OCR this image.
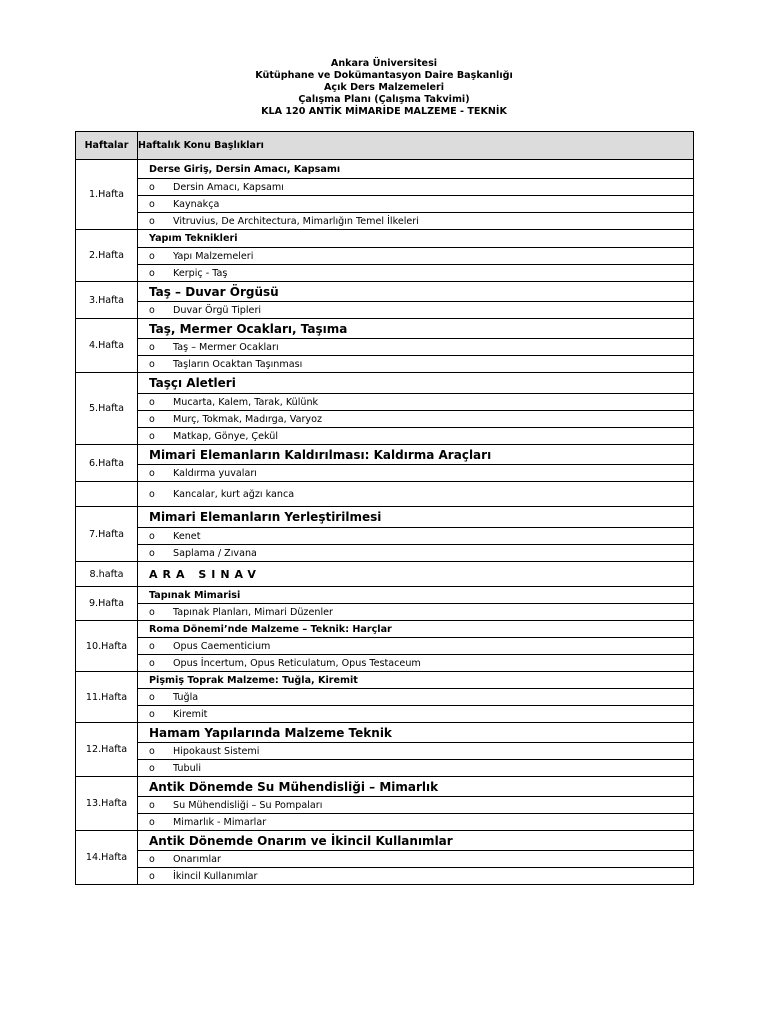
Ankara Üniversitesi
Kütüphane ve Dokümantasyon Daire Başkanlığı
Açık Ders Malzemeleri
Çalışma Planı (Çalışma Takvimi)
KLA 120 ANTİK MİMARİDE MALZEME - TEKNİK
Haftalar	Haftalık Konu Başlıkları
1.Hafta	Derse Giriş, Dersin Amacı, Kapsamı
	o Dersin Amacı, Kapsamı
	o Kaynakça
	o Vitruvius, De Architectura, Mimarlığın Temel İlkeleri
2.Hafta	Yapım Teknikleri
	o Yapı Malzemeleri
	o Kerpiç - Taş
3.Hafta	Taş – Duvar Örgüsü
	o Duvar Örgü Tipleri
4.Hafta	Taş, Mermer Ocakları, Taşıma
	o Taş – Mermer Ocakları
	o Taşların Ocaktan Taşınması
5.Hafta	Taşçı Aletleri
	o Mucarta, Kalem, Tarak, Külünk
	o Murç, Tokmak, Madırga, Varyoz
	o Matkap, Gönye, Çekül
6.Hafta	Mimari Elemanların Kaldırılması: Kaldırma Araçları
	o Kaldırma yuvaları
	o Kancalar, kurt ağzı kanca
7.Hafta	Mimari Elemanların Yerleştirilmesi
	o Kenet
	o Saplama / Zıvana
8.hafta	ARA SINAV
9.Hafta	Tapınak Mimarisi
	o Tapınak Planları, Mimari Düzenler
10.Hafta	Roma Dönemi’nde Malzeme – Teknik: Harçlar
	o Opus Caementicium
	o Opus İncertum, Opus Reticulatum, Opus Testaceum
11.Hafta	Pişmiş Toprak Malzeme: Tuğla, Kiremit
	o Tuğla
	o Kiremit
12.Hafta	Hamam Yapılarında Malzeme Teknik
	o Hipokaust Sistemi
	o Tubuli
13.Hafta	Antik Dönemde Su Mühendisliği – Mimarlık
	o Su Mühendisliği – Su Pompaları
	o Mimarlık - Mimarlar
14.Hafta	Antik Dönemde Onarım ve İkincil Kullanımlar
	o Onarımlar
	o İkincil Kullanımlar
